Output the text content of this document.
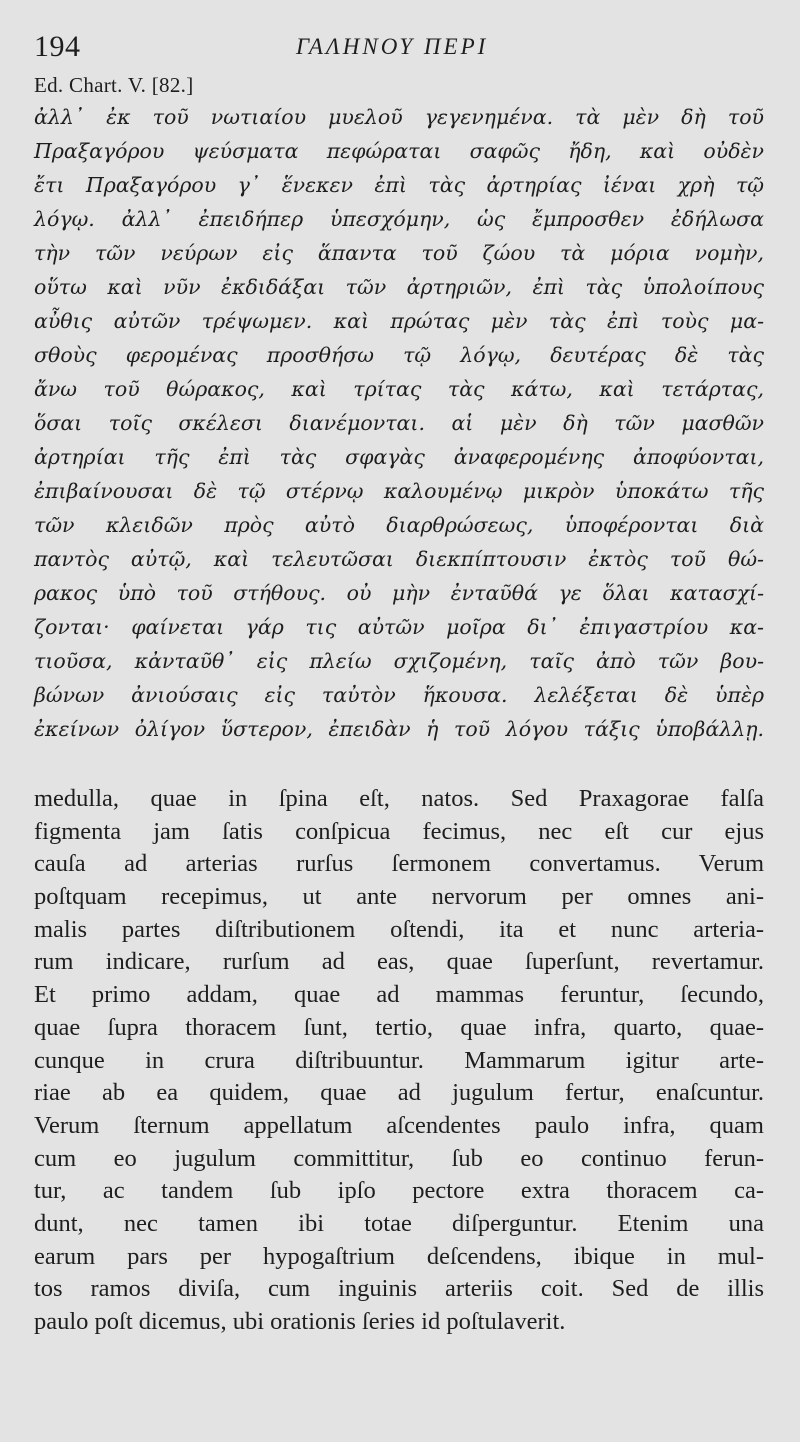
194	ΓΑΛΗΝΟΥ ΠΕΡΙ
Ed. Chart. V. [82.]
ἀλλ᾽ ἐκ τοῦ νωτιαίου μυελοῦ γεγενημένα. τὰ μὲν δὴ τοῦ
Πραξαγόρου ψεύσματα πεφώραται σαφῶς ἤδη, καὶ οὐδὲν
ἔτι Πραξαγόρου γ᾽ ἕνεκεν ἐπὶ τὰς ἀρτηρίας ἰέναι χρὴ τῷ
λόγῳ. ἀλλ᾽ ἐπειδήπερ ὑπεσχόμην, ὡς ἔμπροσθεν ἐδήλωσα
τὴν τῶν νεύρων εἰς ἅπαντα τοῦ ζώου τὰ μόρια νομὴν,
οὕτω καὶ νῦν ἐκδιδάξαι τῶν ἀρτηριῶν, ἐπὶ τὰς ὑπολοίπους
αὖθις αὐτῶν τρέψωμεν. καὶ πρώτας μὲν τὰς ἐπὶ τοὺς μα-
σθοὺς φερομένας προσθήσω τῷ λόγῳ, δευτέρας δὲ τὰς
ἄνω τοῦ θώρακος, καὶ τρίτας τὰς κάτω, καὶ τετάρτας,
ὅσαι τοῖς σκέλεσι διανέμονται. αἱ μὲν δὴ τῶν μασθῶν
ἀρτηρίαι τῆς ἐπὶ τὰς σφαγὰς ἀναφερομένης ἀποφύονται,
ἐπιβαίνουσαι δὲ τῷ στέρνῳ καλουμένῳ μικρὸν ὑποκάτω τῆς
τῶν κλειδῶν πρὸς αὐτὸ διαρθρώσεως, ὑποφέρονται διὰ
παντὸς αὐτῷ, καὶ τελευτῶσαι διεκπίπτουσιν ἐκτὸς τοῦ θώ-
ρακος ὑπὸ τοῦ στήθους. οὐ μὴν ἐνταῦθά γε ὅλαι κατασχί-
ζονται· φαίνεται γάρ τις αὐτῶν μοῖρα δι᾽ ἐπιγαστρίου κα-
τιοῦσα, κἀνταῦθ᾽ εἰς πλείω σχιζομένη, ταῖς ἀπὸ τῶν βου-
βώνων ἀνιούσαις εἰς ταὐτὸν ἥκουσα. λελέξεται δὲ ὑπὲρ
ἐκείνων ὀλίγον ὕστερον, ἐπειδὰν ἡ τοῦ λόγου τάξις ὑποβάλλῃ.
medulla, quae in ſpina eſt, natos. Sed Praxagorae falſa
figmenta jam ſatis conſpicua fecimus, nec eſt cur ejus
cauſa ad arterias rurſus ſermonem convertamus. Verum
poſtquam recepimus, ut ante nervorum per omnes ani-
malis partes diſtributionem oſtendi, ita et nunc arteria-
rum indicare, rurſum ad eas, quae ſuperſunt, revertamur.
Et primo addam, quae ad mammas feruntur, ſecundo,
quae ſupra thoracem ſunt, tertio, quae infra, quarto, quae-
cunque in crura diſtribuuntur. Mammarum igitur arte-
riae ab ea quidem, quae ad jugulum fertur, enaſcuntur.
Verum ſternum appellatum aſcendentes paulo infra, quam
cum eo jugulum committitur, ſub eo continuo ferun-
tur, ac tandem ſub ipſo pectore extra thoracem ca-
dunt, nec tamen ibi totae diſperguntur. Etenim una
earum pars per hypogaſtrium deſcendens, ibique in mul-
tos ramos diviſa, cum inguinis arteriis coit. Sed de illis
paulo poſt dicemus, ubi orationis ſeries id poſtulaverit.
